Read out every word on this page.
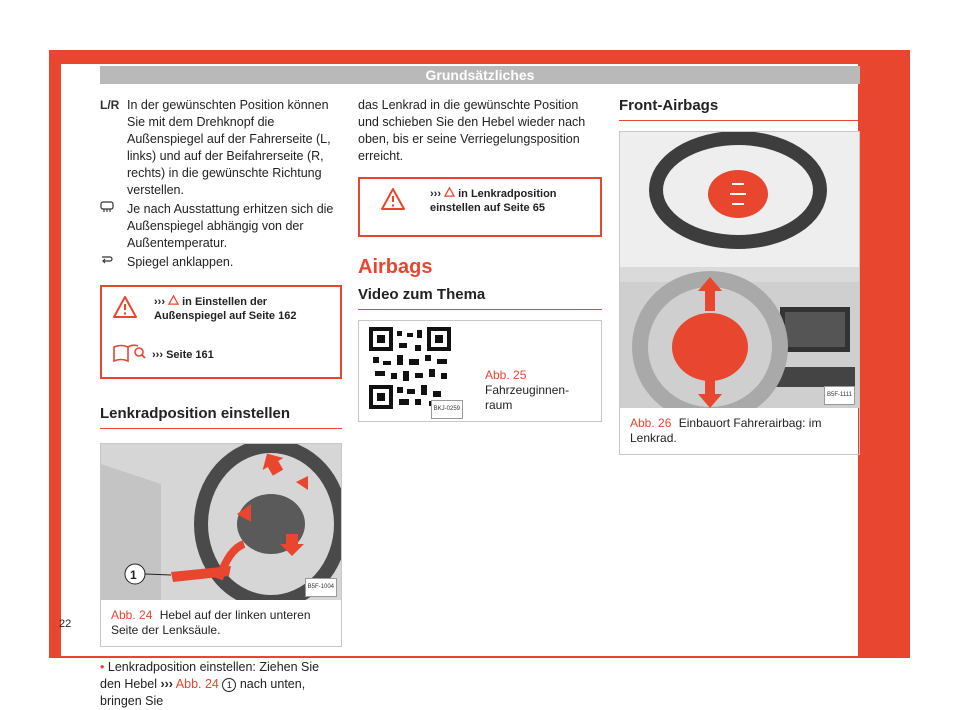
Grundsätzliches
L/R In der gewünschten Position können Sie mit dem Drehknopf die Außenspiegel auf der Fahrerseite (L, links) und auf der Beifahrerseite (R, rechts) in die gewünschte Richtung verstellen.
Je nach Ausstattung erhitzen sich die Außenspiegel abhängig von der Außentemperatur.
Spiegel anklappen.
››› in Einstellen der Außenspiegel auf Seite 162
››› Seite 161
Lenkradposition einstellen
1
B5F-1004
Abb. 24 Hebel auf der linken unteren Seite der Lenksäule.
• Lenkradposition einstellen: Ziehen Sie den Hebel ››› Abb. 24 1 nach unten, bringen Sie
das Lenkrad in die gewünschte Position und schieben Sie den Hebel wieder nach oben, bis er seine Verriegelungsposition erreicht.
››› in Lenkradposition einstellen auf Seite 65
Airbags
Video zum Thema
BKJ-0259
Abb. 25 Fahrzeuginnenraum
Front-Airbags
B5F-1111
Abb. 26 Einbauort Fahrerairbag: im Lenkrad.
22
